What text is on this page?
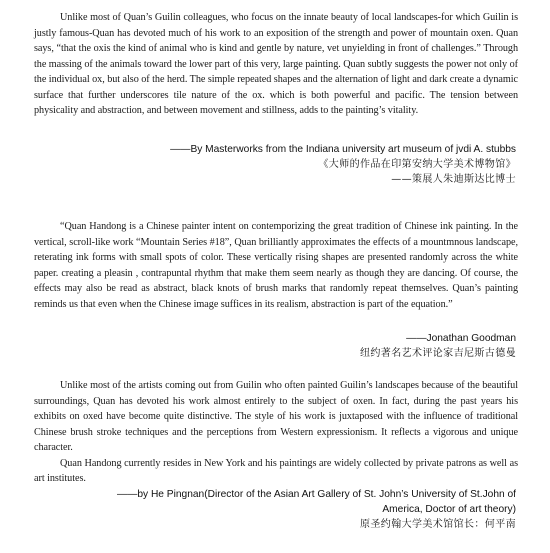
Unlike most of Quan’s Guilin colleagues, who focus on the innate beauty of local landscapes-for which Guilin is justly famous-Quan has devoted much of his work to an exposition of the strength and power of mountain oxen. Quan says, “that the oxis the kind of animal who is kind and gentle by nature, vet unyielding in front of challenges.” Through the massing of the animals toward the lower part of this very, large painting. Quan subtly suggests the power not only of the individual ox, but also of the herd. The simple repeated shapes and the alternation of light and dark create a dynamic surface that further underscores tile nature of the ox. which is both powerful and pacific. The tension between physicality and abstraction, and between movement and stillness, adds to the painting’s vitality.

——By Masterworks from the Indiana university art museum of jvdi A. stubbs
《大师的作品在印第安纳大学美术博物馆》
——策展人朱迪斯达比博士

“Quan Handong is a Chinese painter intent on contemporizing the great tradition of Chinese ink painting. In the vertical, scroll-like work “Mountain Series #18”, Quan brilliantly approximates the effects of a mountmnous landscape, reterating ink forms with small spots of color. These vertically rising shapes are presented randomly across the white paper. creating a pleasin , contrapuntal rhythm that make them seem nearly as though they are dancing. Of course, the effects may also be read as abstract, black knots of brush marks that randomly repeat themselves. Quan’s painting reminds us that even when the Chinese image suffices in its realism, abstraction is part of the equation.”

——Jonathan Goodman
纽约著名艺术评论家吉尼斯古德曼

Unlike most of the artists coming out from Guilin who often painted Guilin’s landscapes because of the beautiful surroundings, Quan has devoted his work almost entirely to the subject of oxen. In fact, during the past years his exhibits on oxed have become quite distinctive. The style of his work is juxtaposed with the influence of traditional Chinese brush stroke techniques and the perceptions from Western expressionism. It reflects a vigorous and unique character.

Quan Handong currently resides in New York and his paintings are widely collected by private patrons as well as art institutes.

——by He Pingnan(Director of the Asian Art Gallery of St. John’s University of St.John of
America, Doctor of art theory)
原圣约翰大学美术馆馆长：何平南
